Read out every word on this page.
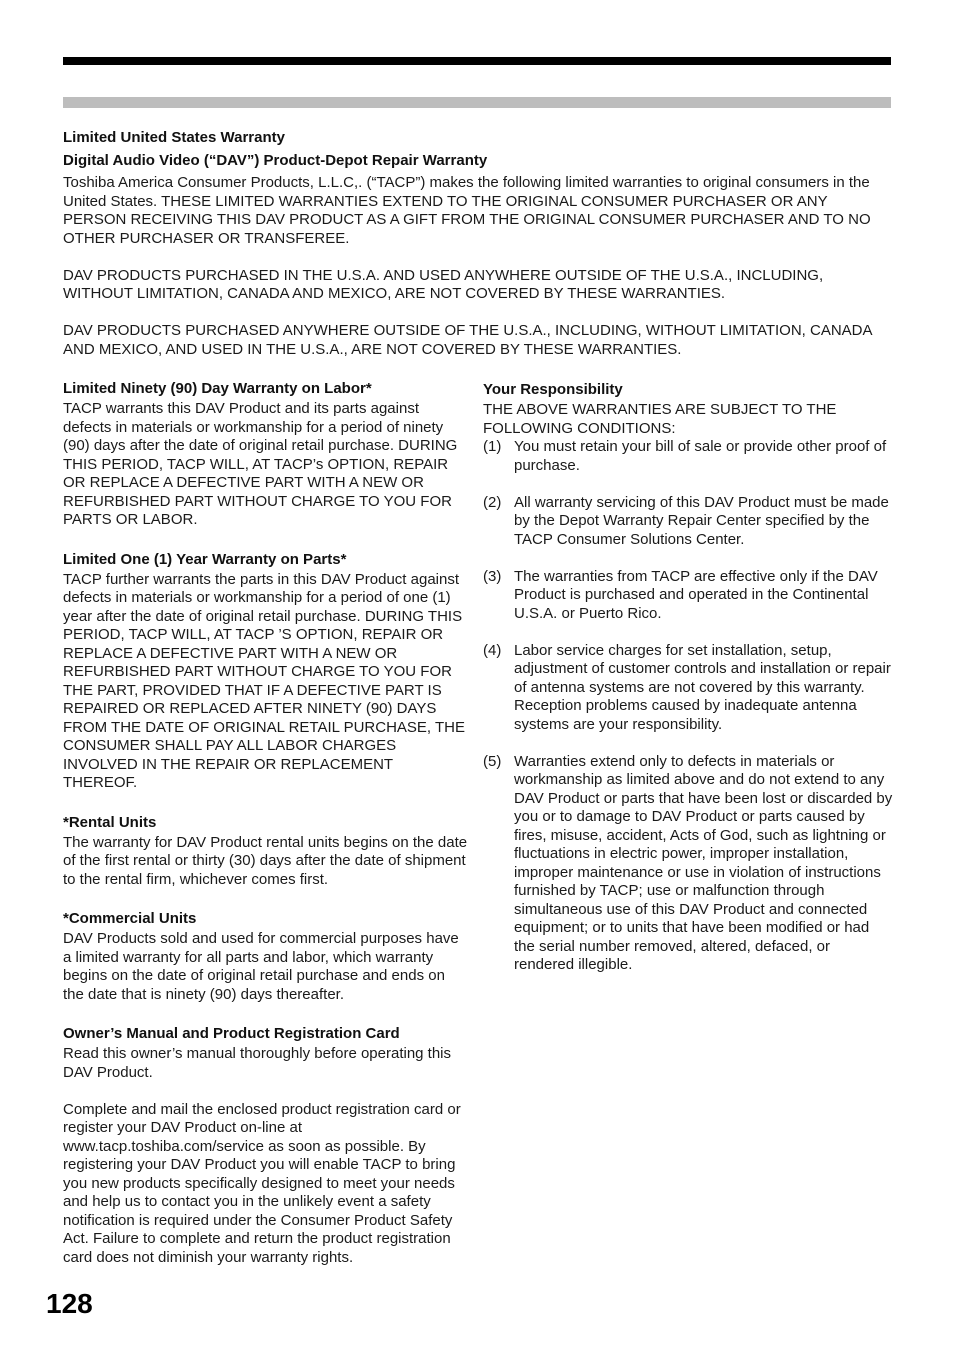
Limited United States Warranty
Digital Audio Video (“DAV”) Product-Depot Repair Warranty

Toshiba America Consumer Products, L.L.C,. (“TACP”) makes the following limited warranties to original consumers in the United States. THESE LIMITED WARRANTIES EXTEND TO THE ORIGINAL CONSUMER PURCHASER OR ANY PERSON RECEIVING THIS DAV PRODUCT AS A GIFT FROM THE ORIGINAL CONSUMER PURCHASER AND TO NO OTHER PURCHASER OR TRANSFEREE.

DAV PRODUCTS PURCHASED IN THE U.S.A. AND USED ANYWHERE OUTSIDE OF THE U.S.A., INCLUDING, WITHOUT LIMITATION, CANADA AND MEXICO, ARE NOT COVERED BY THESE WARRANTIES.

DAV PRODUCTS PURCHASED ANYWHERE OUTSIDE OF THE U.S.A., INCLUDING, WITHOUT LIMITATION, CANADA AND MEXICO, AND USED IN THE U.S.A., ARE NOT COVERED BY THESE WARRANTIES.

Limited Ninety (90) Day Warranty on Labor*

TACP warrants this DAV Product and its parts against defects in materials or workmanship for a period of ninety (90) days after the date of original retail purchase. DURING THIS PERIOD, TACP WILL, AT TACP’s OPTION, REPAIR OR REPLACE A DEFECTIVE PART WITH A NEW OR REFURBISHED PART WITHOUT CHARGE TO YOU FOR PARTS OR LABOR.

Limited One (1) Year Warranty on Parts*

TACP further warrants the parts in this DAV Product against defects in materials or workmanship for a period of one (1) year after the date of original retail purchase. DURING THIS PERIOD, TACP WILL, AT TACP ’S OPTION, REPAIR OR REPLACE A DEFECTIVE PART WITH A NEW OR REFURBISHED PART WITHOUT CHARGE TO YOU FOR THE PART, PROVIDED THAT IF A DEFECTIVE PART IS REPAIRED OR REPLACED AFTER NINETY (90) DAYS FROM THE DATE OF ORIGINAL RETAIL PURCHASE, THE CONSUMER SHALL PAY ALL LABOR CHARGES INVOLVED IN THE REPAIR OR REPLACEMENT THEREOF.

*Rental Units

The warranty for DAV Product rental units begins on the date of the first rental or thirty (30) days after the date of shipment to the rental firm, whichever comes first.

*Commercial Units

DAV Products sold and used for commercial purposes have a limited warranty for all parts and labor, which warranty begins on the date of original retail purchase and ends on the date that is ninety (90) days thereafter.

Owner’s Manual and Product Registration Card

Read this owner’s manual thoroughly before operating this DAV Product.

Complete and mail the enclosed product registration card or register your DAV Product on-line at www.tacp.toshiba.com/service as soon as possible. By registering your DAV Product you will enable TACP to bring you new products specifically designed to meet your needs and help us to contact you in the unlikely event a safety notification is required under the Consumer Product Safety Act. Failure to complete and return the product registration card does not diminish your warranty rights.

Your Responsibility

THE ABOVE WARRANTIES ARE SUBJECT TO THE FOLLOWING CONDITIONS:

(1) You must retain your bill of sale or provide other proof of purchase.
(2) All warranty servicing of this DAV Product must be made by the Depot Warranty Repair Center specified by the TACP Consumer Solutions Center.
(3) The warranties from TACP are effective only if the DAV Product is purchased and operated in the Continental U.S.A. or Puerto Rico.
(4) Labor service charges for set installation, setup, adjustment of customer controls and installation or repair of antenna systems are not covered by this warranty. Reception problems caused by inadequate antenna systems are your responsibility.
(5) Warranties extend only to defects in materials or workmanship as limited above and do not extend to any DAV Product or parts that have been lost or discarded by you or to damage to DAV Product or parts caused by fires, misuse, accident, Acts of God, such as lightning or fluctuations in electric power, improper installation, improper maintenance or use in violation of instructions furnished by TACP; use or malfunction through simultaneous use of this DAV Product and connected equipment; or to units that have been modified or had the serial number removed, altered, defaced, or rendered illegible.
128
